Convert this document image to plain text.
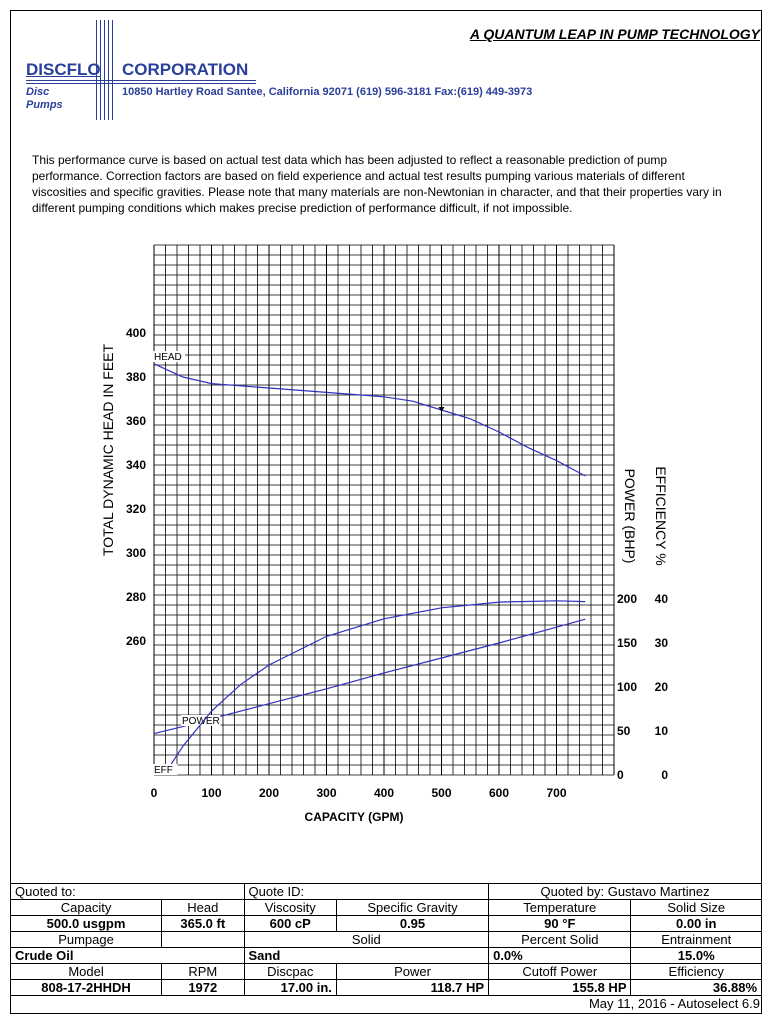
A QUANTUM LEAP IN PUMP TECHNOLOGY
DISCFLO CORPORATION
Disc
Pumps
10850 Hartley Road Santee, California 92071 (619) 596-3181 Fax:(619) 449-3973
This performance curve is based on actual test data which has been adjusted to reflect a reasonable prediction of pump performance. Correction factors are based on field experience and actual test results pumping various materials of different viscosities and specific gravities. Please note that many materials are non-Newtonian in character, and that their properties vary in different pumping conditions which makes precise prediction of performance difficult, if not impossible.
0	100	200	300	400	500	600	700
CAPACITY (GPM)
260
280
300
320
340
360
380
400
0
50
100
150
200
0
10
20
30
40
TOTAL DYNAMIC HEAD IN FEET	POWER (BHP) EFFICIENCY %
HEAD
POWER
EFF
Quoted to:		Quote ID:		Quoted by: Gustavo Martinez	
Capacity	Head	Viscosity	Specific Gravity	Temperature	Solid Size
500.0 usgpm	365.0 ft	600 cP	0.95	90 °F	0.00 in
Pumpage		Solid		Percent Solid	Entrainment
Crude Oil		Sand		0.0%	15.0%
Model	RPM	Discpac	Power	Cutoff Power	Efficiency
808-17-2HHDH	1972	17.00 in.	118.7 HP	155.8 HP	36.88%
May 11, 2016 - Autoselect 6.9
